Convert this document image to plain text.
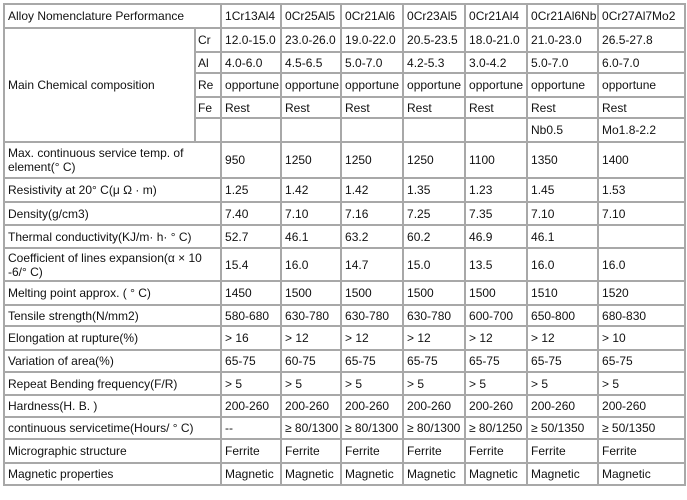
Alloy Nomenclature Performance		1Cr13Al4	0Cr25Al5	0Cr21Al6	0Cr23Al5	0Cr21Al4	0Cr21Al6Nb	0Cr27Al7Mo2
Main Chemical composition	Cr	12.0-15.0	23.0-26.0	19.0-22.0	20.5-23.5	18.0-21.0	21.0-23.0	26.5-27.8
	Al	4.0-6.0	4.5-6.5	5.0-7.0	4.2-5.3	3.0-4.2	5.0-7.0	6.0-7.0
	Re	opportune	opportune	opportune	opportune	opportune	opportune	opportune
	Fe	Rest	Rest	Rest	Rest	Rest	Rest	Rest
							Nb0.5	Mo1.8-2.2
Max. continuous service temp. of element(° C)		950	1250	1250	1250	1100	1350	1400
Resistivity at 20° C(μ Ω · m)		1.25	1.42	1.42	1.35	1.23	1.45	1.53
Density(g/cm3)		7.40	7.10	7.16	7.25	7.35	7.10	7.10
Thermal conductivity(KJ/m· h· ° C)		52.7	46.1	63.2	60.2	46.9	46.1	
Coefficient of lines expansion(α × 10 -6/° C)		15.4	16.0	14.7	15.0	13.5	16.0	16.0
Melting point approx. ( ° C)		1450	1500	1500	1500	1500	1510	1520
Tensile strength(N/mm2)		580-680	630-780	630-780	630-780	600-700	650-800	680-830
Elongation at rupture(%)		> 16	> 12	> 12	> 12	> 12	> 12	> 10
Variation of area(%)		65-75	60-75	65-75	65-75	65-75	65-75	65-75
Repeat Bending frequency(F/R)		> 5	> 5	> 5	> 5	> 5	> 5	> 5
Hardness(H. B. )		200-260	200-260	200-260	200-260	200-260	200-260	200-260
continuous servicetime(Hours/ ° C)		--	≥ 80/1300	≥ 80/1300	≥ 80/1300	≥ 80/1250	≥ 50/1350	≥ 50/1350
Micrographic structure		Ferrite	Ferrite	Ferrite	Ferrite	Ferrite	Ferrite	Ferrite
Magnetic properties		Magnetic	Magnetic	Magnetic	Magnetic	Magnetic	Magnetic	Magnetic
